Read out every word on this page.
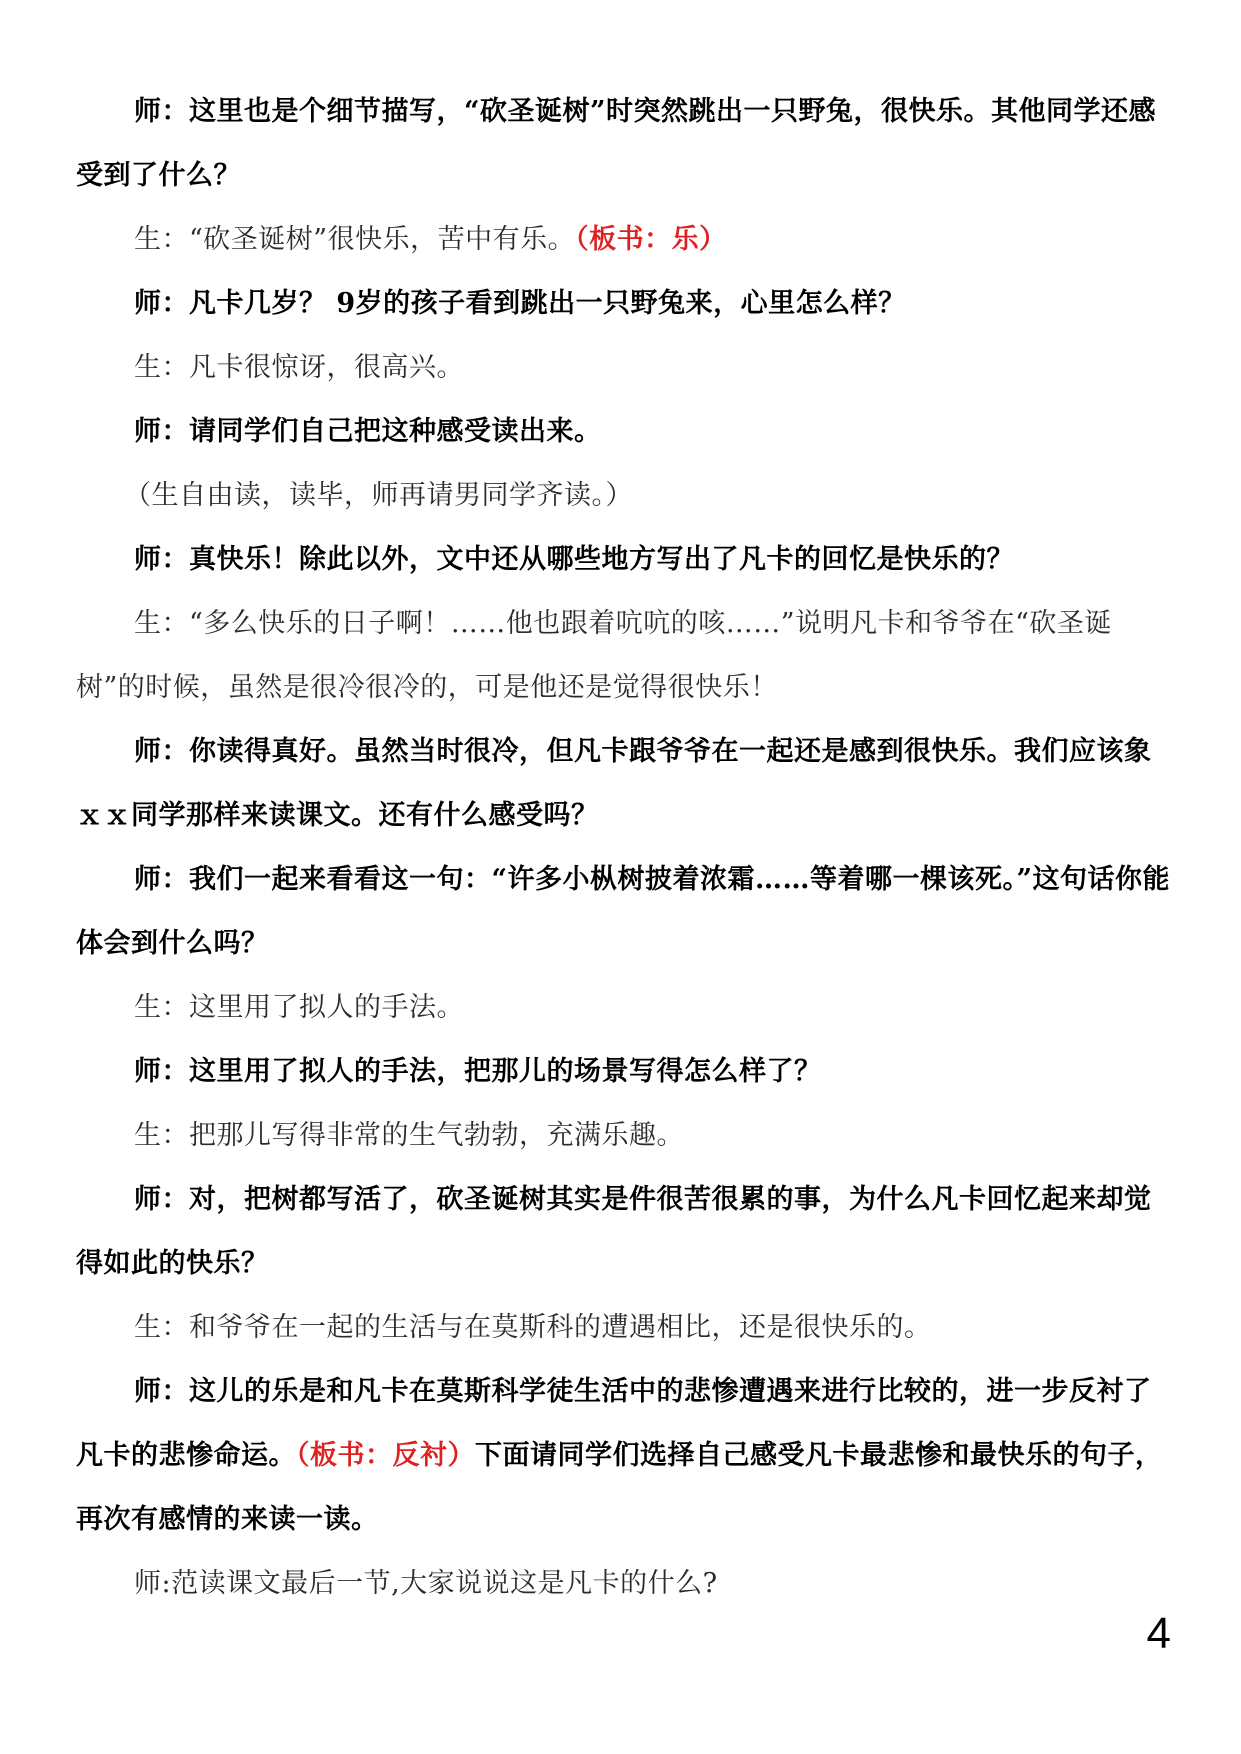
师：这里也是个细节描写，“砍圣诞树”时突然跳出一只野兔，很快乐。其他同学还感受到了什么？

生：“砍圣诞树”很快乐，苦中有乐。（板书：乐）

师：凡卡几岁？ 9岁的孩子看到跳出一只野兔来，心里怎么样？

生：凡卡很惊讶，很高兴。

师：请同学们自己把这种感受读出来。

（生自由读，读毕，师再请男同学齐读。）

师：真快乐！除此以外，文中还从哪些地方写出了凡卡的回忆是快乐的？

生：“多么快乐的日子啊！……他也跟着吭吭的咳……”说明凡卡和爷爷在“砍圣诞树”的时候，虽然是很冷很冷的，可是他还是觉得很快乐！

师：你读得真好。虽然当时很冷，但凡卡跟爷爷在一起还是感到很快乐。我们应该象ｘｘ同学那样来读课文。还有什么感受吗？

师：我们一起来看看这一句：“许多小枞树披着浓霜……等着哪一棵该死。”这句话你能体会到什么吗？

生：这里用了拟人的手法。

师：这里用了拟人的手法，把那儿的场景写得怎么样了？

生：把那儿写得非常的生气勃勃，充满乐趣。

师：对，把树都写活了，砍圣诞树其实是件很苦很累的事，为什么凡卡回忆起来却觉得如此的快乐？

生：和爷爷在一起的生活与在莫斯科的遭遇相比，还是很快乐的。

师：这儿的乐是和凡卡在莫斯科学徒生活中的悲惨遭遇来进行比较的，进一步反衬了凡卡的悲惨命运。（板书：反衬）下面请同学们选择自己感受凡卡最悲惨和最快乐的句子，再次有感情的来读一读。

师:范读课文最后一节,大家说说这是凡卡的什么?

4
